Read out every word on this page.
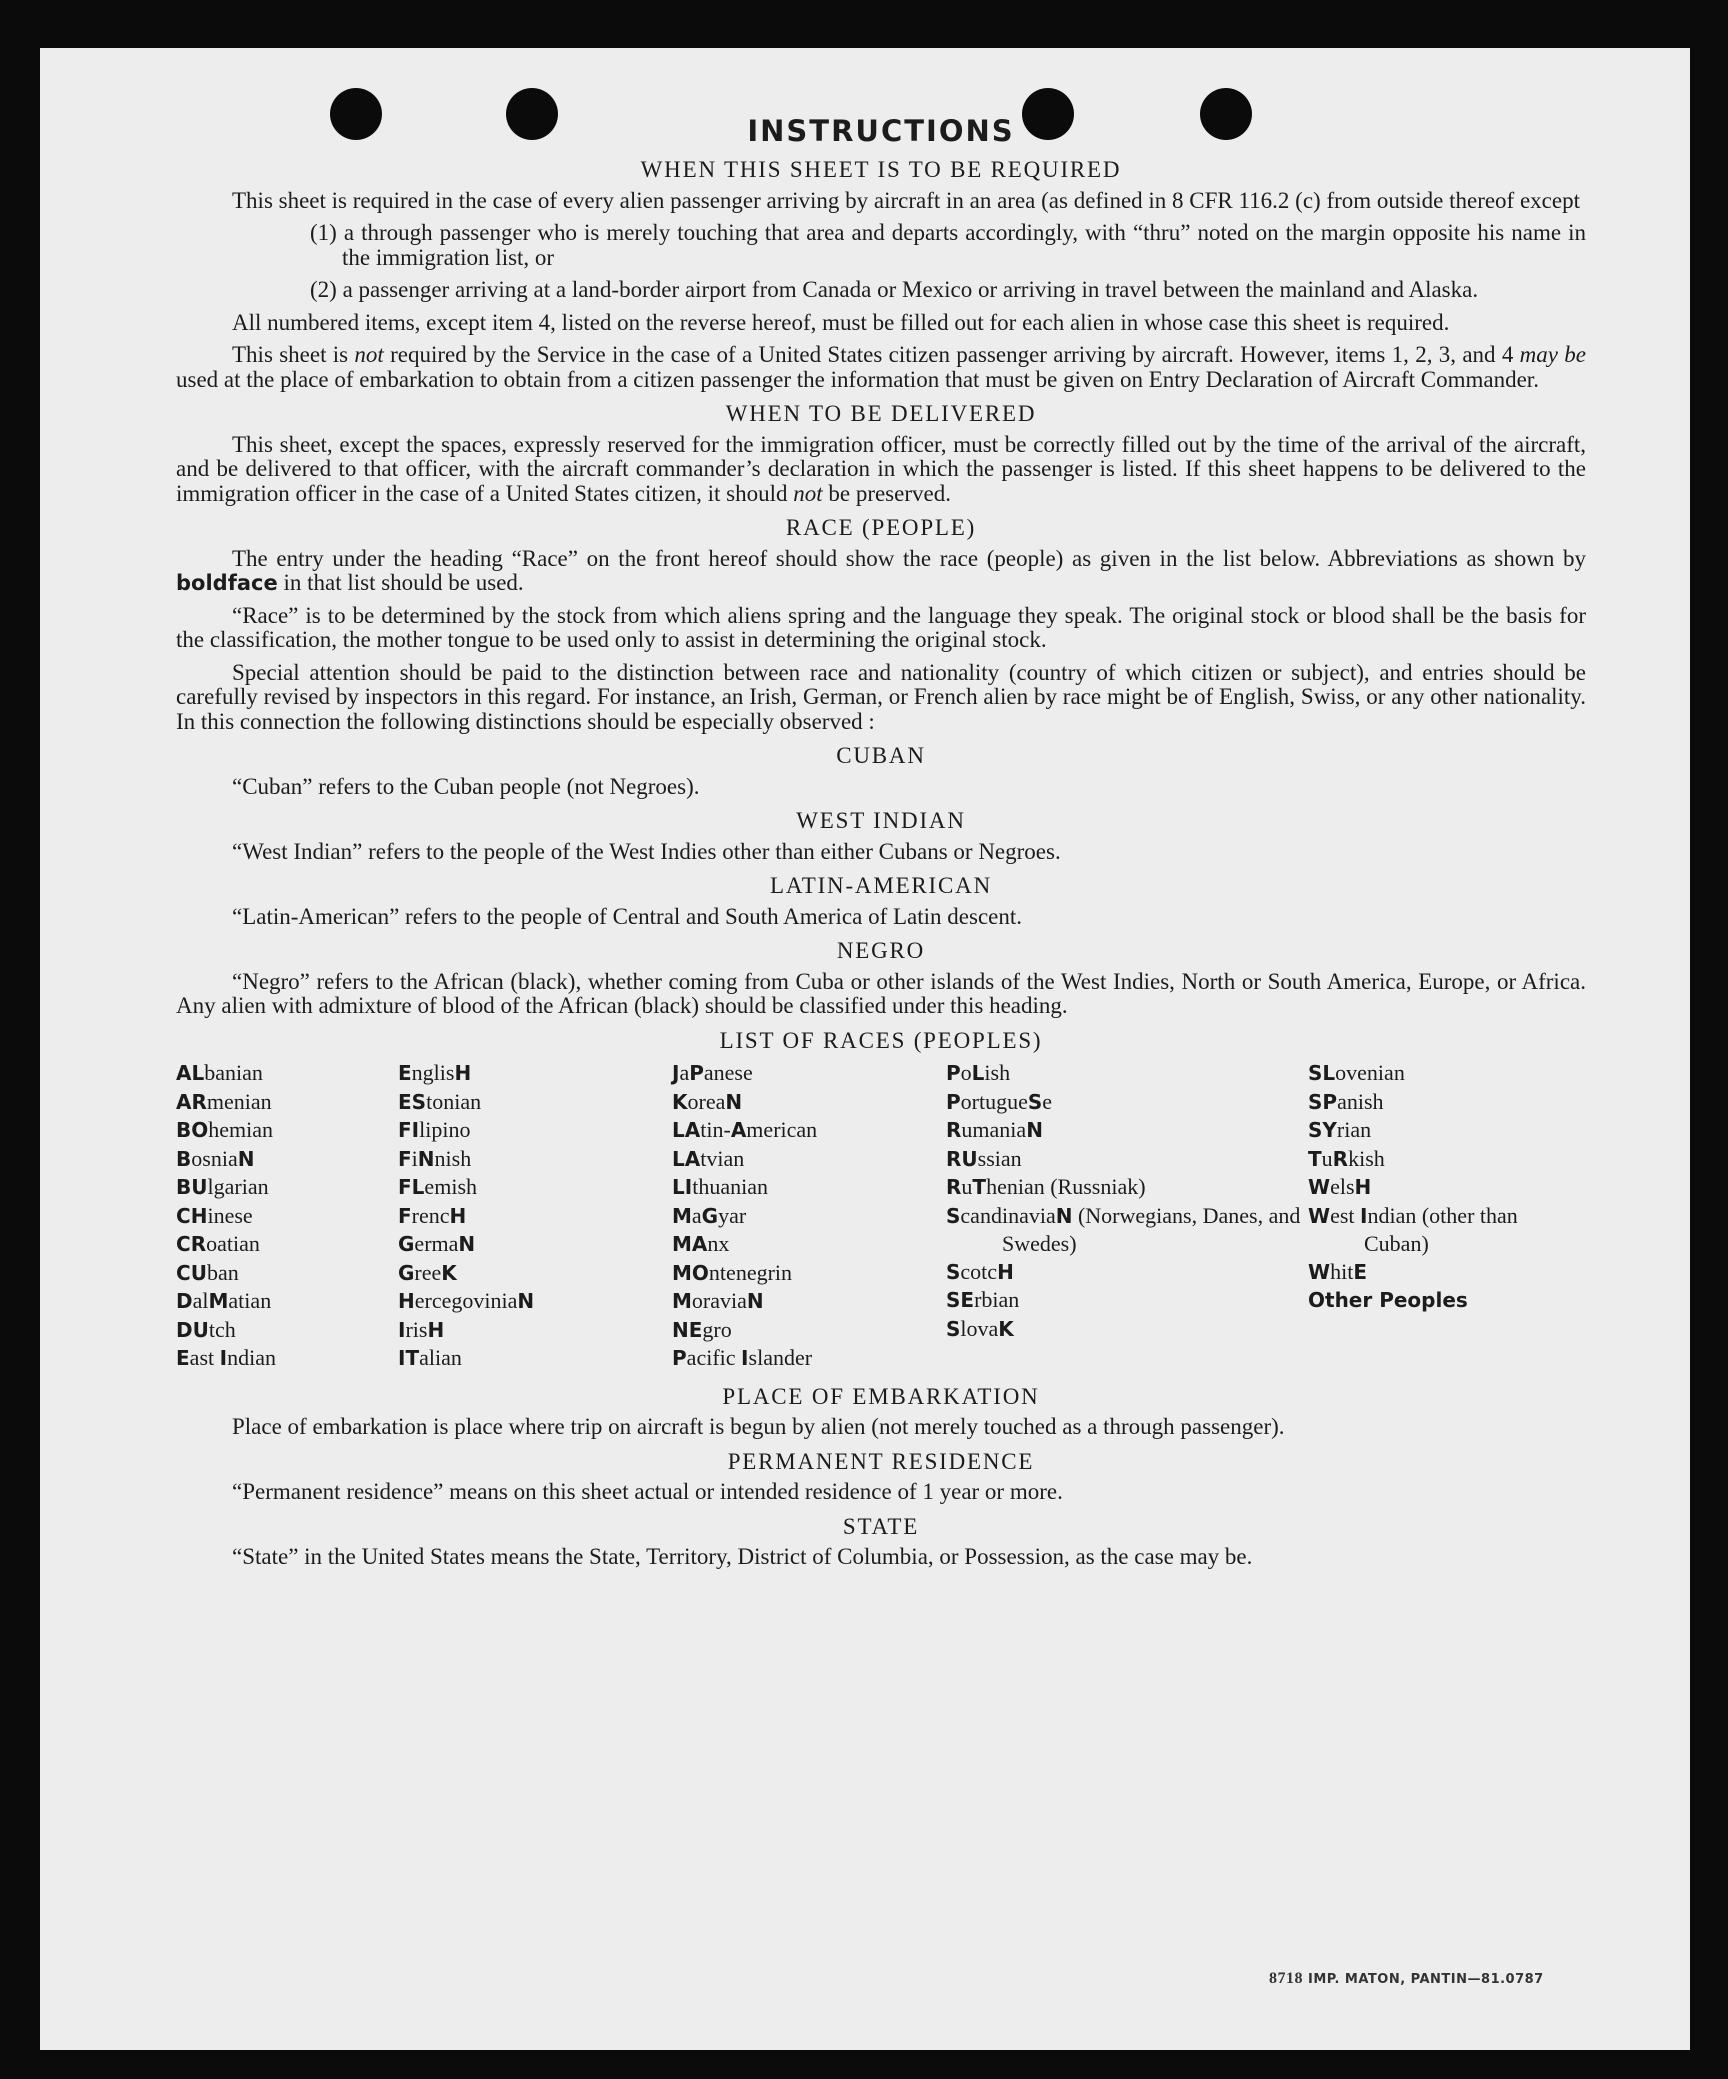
INSTRUCTIONS
WHEN THIS SHEET IS TO BE REQUIRED

This sheet is required in the case of every alien passenger arriving by aircraft in an area (as defined in 8 CFR 116.2 (c) from outside thereof except

(1) a through passenger who is merely touching that area and departs accordingly, with “thru” noted on the margin opposite his name in the immigration list, or
(2) a passenger arriving at a land-border airport from Canada or Mexico or arriving in travel between the mainland and Alaska.

All numbered items, except item 4, listed on the reverse hereof, must be filled out for each alien in whose case this sheet is required.

This sheet is not required by the Service in the case of a United States citizen passenger arriving by aircraft. However, items 1, 2, 3, and 4 may be used at the place of embarkation to obtain from a citizen passenger the information that must be given on Entry Declaration of Aircraft Commander.

WHEN TO BE DELIVERED

This sheet, except the spaces, expressly reserved for the immigration officer, must be correctly filled out by the time of the arrival of the aircraft, and be delivered to that officer, with the aircraft commander’s declaration in which the passenger is listed. If this sheet happens to be delivered to the immigration officer in the case of a United States citizen, it should not be preserved.

RACE (PEOPLE)

The entry under the heading “Race” on the front hereof should show the race (people) as given in the list below. Abbreviations as shown by boldface in that list should be used.

“Race” is to be determined by the stock from which aliens spring and the language they speak. The original stock or blood shall be the basis for the classification, the mother tongue to be used only to assist in determining the original stock.

Special attention should be paid to the distinction between race and nationality (country of which citizen or subject), and entries should be carefully revised by inspectors in this regard. For instance, an Irish, German, or French alien by race might be of English, Swiss, or any other nationality. In this connection the following distinctions should be especially observed :

CUBAN

“Cuban” refers to the Cuban people (not Negroes).

WEST INDIAN

“West Indian” refers to the people of the West Indies other than either Cubans or Negroes.

LATIN-AMERICAN

“Latin-American” refers to the people of Central and South America of Latin descent.

NEGRO

“Negro” refers to the African (black), whether coming from Cuba or other islands of the West Indies, North or South America, Europe, or Africa. Any alien with admixture of blood of the African (black) should be classified under this heading.

LIST OF RACES (PEOPLES)
ALbanian
ARmenian
BOhemian
BosniaN
BUlgarian
CHinese
CRoatian
CUban
DalMatian
DUtch
East Indian
EnglisH
EStonian
FIlipino
FiNnish
FLemish
FrencH
GermaN
GreeK
HercegoviniaN
IrisH
ITalian
JaPanese
KoreaN
LAtin-American
LAtvian
LIthuanian
MaGyar
MAnx
MOntenegrin
MoraviaN
NEgro
Pacific Islander
PoLish
PortugueSe
RumaniaN
RUssian
RuThenian (Russniak)
ScandinaviaN (Norwegians, Danes, and Swedes)
ScotcH
SErbian
SlovaK
SLovenian
SPanish
SYrian
TuRkish
WelsH
West Indian (other than Cuban)
WhitE
Other Peoples
PLACE OF EMBARKATION

Place of embarkation is place where trip on aircraft is begun by alien (not merely touched as a through passenger).

PERMANENT RESIDENCE

“Permanent residence” means on this sheet actual or intended residence of 1 year or more.

STATE

“State” in the United States means the State, Territory, District of Columbia, or Possession, as the case may be.

8718 IMP. MATON, PANTIN—81.0787
